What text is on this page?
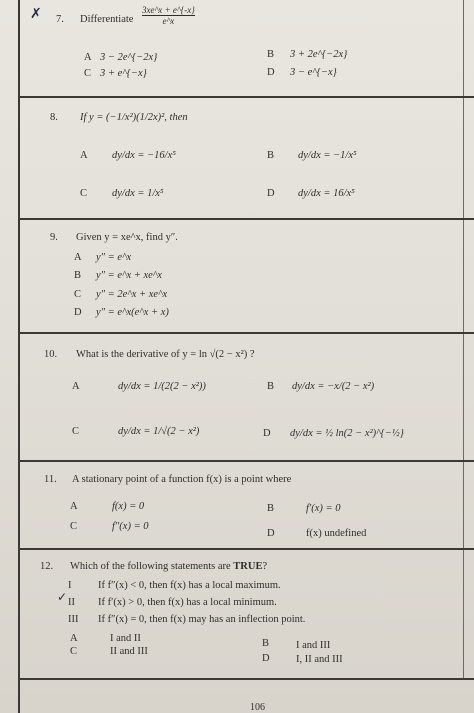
✗ 7. Differentiate $\frac{3xe\^{}x + e\^{}\{-x\}}{e\^{}x}$
A 3 − 2e^{−2x}	B 3 + 2e^{−2x}
C 3 + e^{−x}	D 3 − e^{−x}
8. If y = (−1/x²)(1/2x)², then
A dy/dx = −16/x⁵	B dy/dx = −1/x⁵
C dy/dx = 1/x⁵	D dy/dx = 16/x⁵
9. Given y = xe^x, find y″.
A y″ = e^x
B y″ = e^x + xe^x
C y″ = 2e^x + xe^x
D y″ = e^x(e^x + x)
10. What is the derivative of y = ln √(2 − x²) ?
A	dy/dx = 1/(2(2 − x²))	B dy/dx = −x/(2 − x²)
C	dy/dx = 1/√(2 − x²)	D dy/dx = ½ ln(2 − x²)^{−½}
11. A stationary point of a function f(x) is a point where
A	f(x) = 0	B	f′(x) = 0
C	f″(x) = 0
D	f(x) undefined
12. Which of the following statements are TRUE?
I	If f″(x) < 0, then f(x) has a local maximum.
✓ II If f′(x) > 0, then f(x) has a local minimum.
III If f″(x) = 0, then f(x) may has an inflection point.
A	I and II	B	I and III
C	II and III
D	I, II and III
106
